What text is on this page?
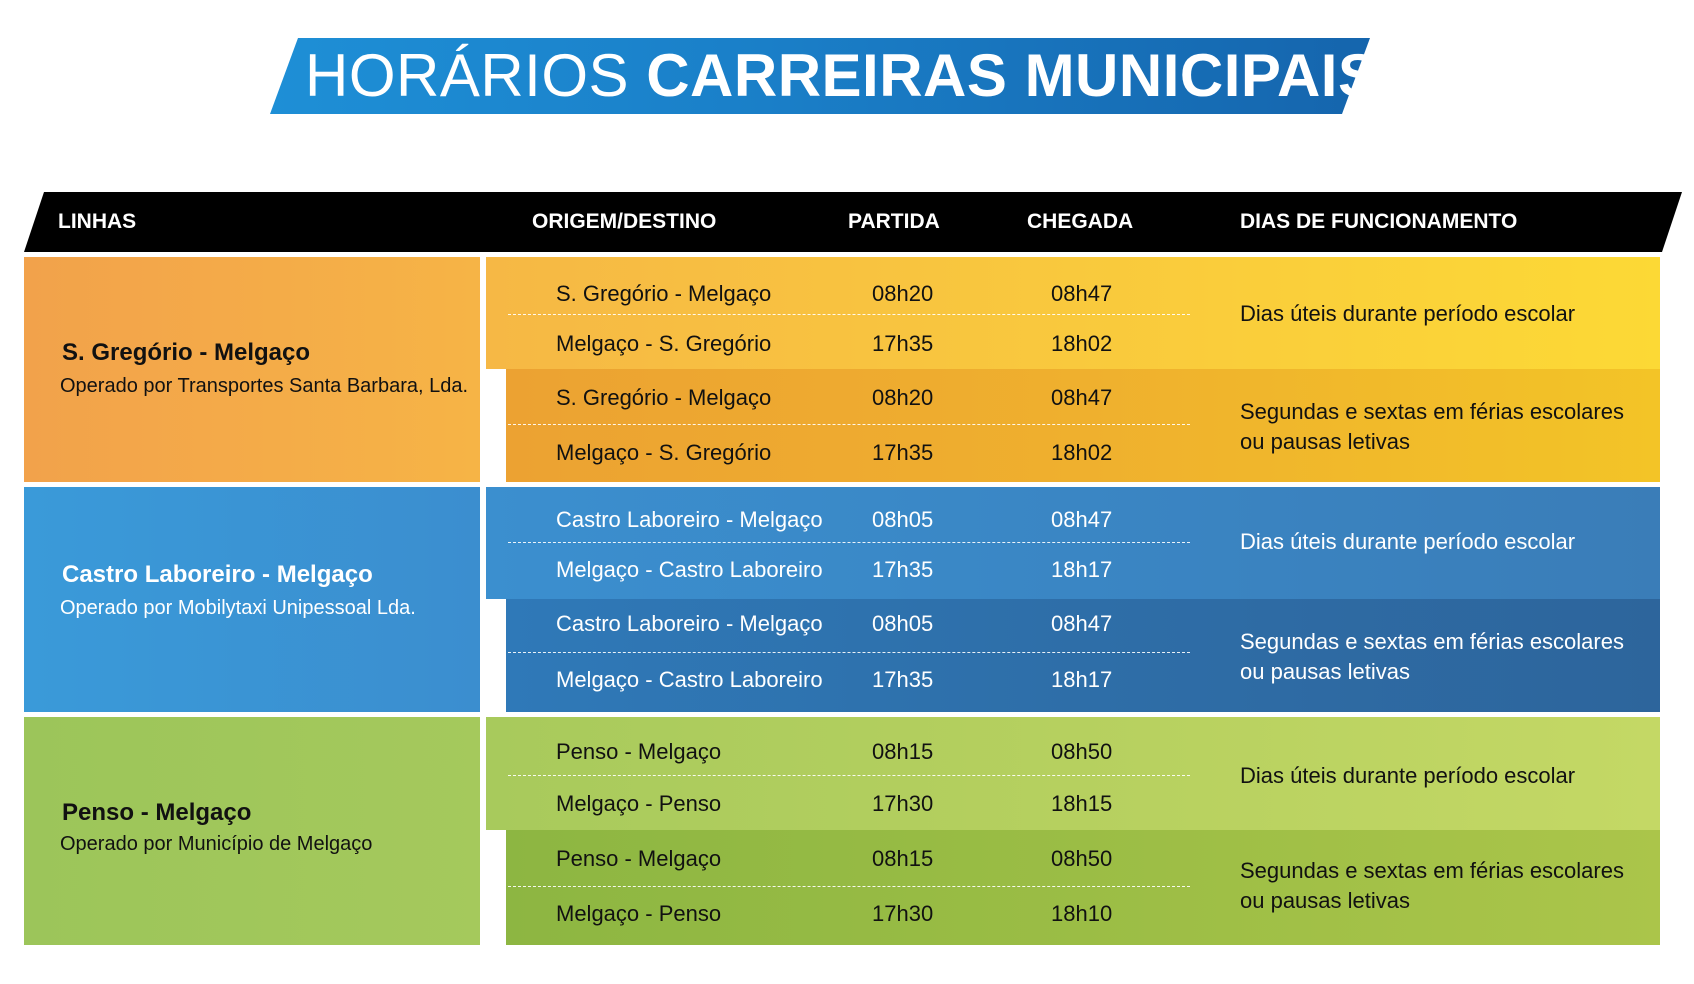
HORÁRIOS CARREIRAS MUNICIPAIS
LINHAS	ORIGEM/DESTINO	PARTIDA	CHEGADA	DIAS DE FUNCIONAMENTO
S. Gregório - Melgaço
Operado por Transportes Santa Barbara, Lda.
S. Gregório - Melgaço	08h20	08h47
Melgaço - S. Gregório	17h35	18h02
Dias úteis durante período escolar
S. Gregório - Melgaço	08h20	08h47
Melgaço - S. Gregório	17h35	18h02
Segundas e sextas em férias escolares
ou pausas letivas
Castro Laboreiro - Melgaço
Operado por Mobilytaxi Unipessoal Lda.
Castro Laboreiro - Melgaço 08h05	08h47
Melgaço - Castro Laboreiro 17h35	18h17
Dias úteis durante período escolar
Castro Laboreiro - Melgaço 08h05	08h47
Melgaço - Castro Laboreiro 17h35	18h17
Segundas e sextas em férias escolares
ou pausas letivas
Penso - Melgaço
Operado por Município de Melgaço
Penso - Melgaço	08h15	08h50
Melgaço - Penso	17h30	18h15
Dias úteis durante período escolar
Penso - Melgaço	08h15	08h50
Melgaço - Penso	17h30	18h10
Segundas e sextas em férias escolares
ou pausas letivas
